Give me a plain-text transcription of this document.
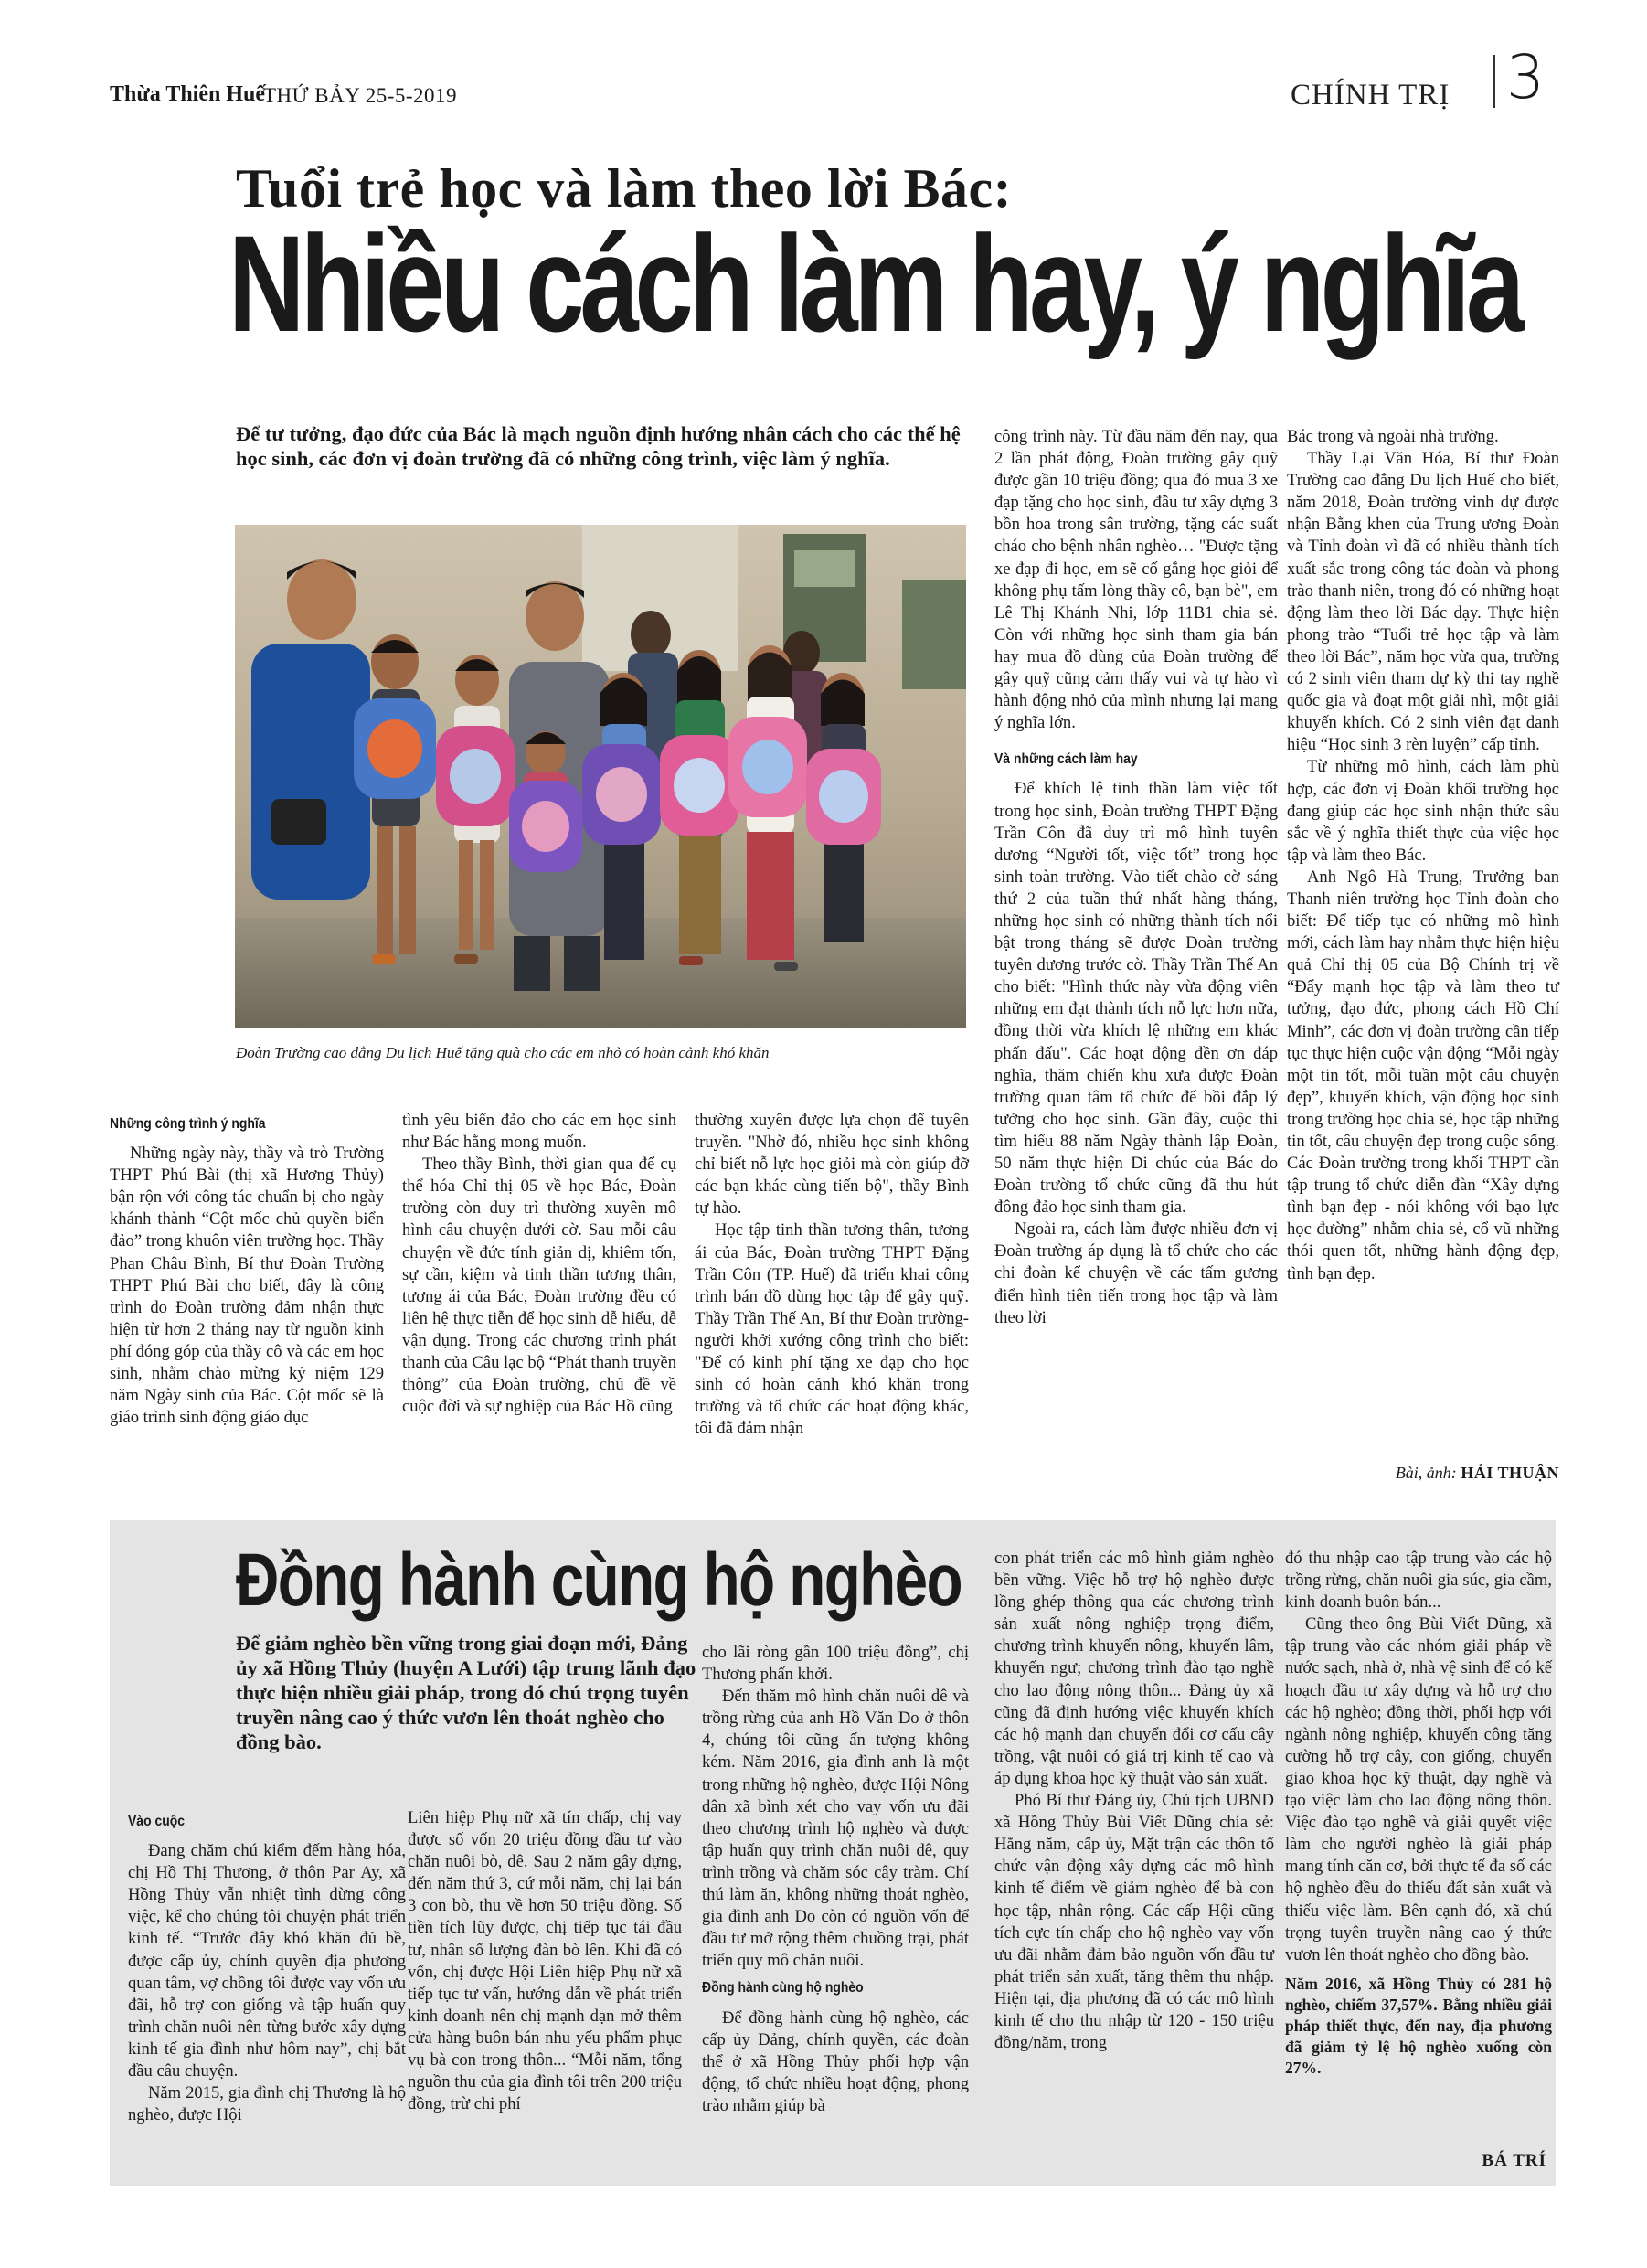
Thừa Thiên Huế
THỨ BẢY 25-5-2019	CHÍNH TRỊ 3
Tuổi trẻ học và làm theo lời Bác:
Nhiều cách làm hay, ý nghĩa
Để tư tưởng, đạo đức của Bác là mạch nguồn định hướng nhân cách cho các thế hệ học sinh, các đơn vị đoàn trường đã có những công trình, việc làm ý nghĩa.
Đoàn Trường cao đẳng Du lịch Huế tặng quà cho các em nhỏ có hoàn cảnh khó khăn
Những công trình ý nghĩa

Những ngày này, thầy và trò Trường THPT Phú Bài (thị xã Hương Thủy) bận rộn với công tác chuẩn bị cho ngày khánh thành “Cột mốc chủ quyền biển đảo” trong khuôn viên trường học. Thầy Phan Châu Bình, Bí thư Đoàn Trường THPT Phú Bài cho biết, đây là công trình do Đoàn trường đảm nhận thực hiện từ hơn 2 tháng nay từ nguồn kinh phí đóng góp của thầy cô và các em học sinh, nhằm chào mừng kỷ niệm 129 năm Ngày sinh của Bác. Cột mốc sẽ là giáo trình sinh động giáo dục

tình yêu biển đảo cho các em học sinh như Bác hằng mong muốn.

Theo thầy Bình, thời gian qua để cụ thể hóa Chỉ thị 05 về học Bác, Đoàn trường còn duy trì thường xuyên mô hình câu chuyện dưới cờ. Sau mỗi câu chuyện về đức tính giản dị, khiêm tốn, sự cần, kiệm và tinh thần tương thân, tương ái của Bác, Đoàn trường đều có liên hệ thực tiễn để học sinh dễ hiểu, dễ vận dụng. Trong các chương trình phát thanh của Câu lạc bộ “Phát thanh truyền thông” của Đoàn trường, chủ đề về cuộc đời và sự nghiệp của Bác Hồ cũng

thường xuyên được lựa chọn để tuyên truyền. "Nhờ đó, nhiều học sinh không chỉ biết nỗ lực học giỏi mà còn giúp đỡ các bạn khác cùng tiến bộ", thầy Bình tự hào.

Học tập tinh thần tương thân, tương ái của Bác, Đoàn trường THPT Đặng Trần Côn (TP. Huế) đã triển khai công trình bán đồ dùng học tập để gây quỹ. Thầy Trần Thế An, Bí thư Đoàn trường- người khởi xướng công trình cho biết: "Để có kinh phí tặng xe đạp cho học sinh có hoàn cảnh khó khăn trong trường và tổ chức các hoạt động khác, tôi đã đảm nhận

công trình này. Từ đầu năm đến nay, qua 2 lần phát động, Đoàn trường gây quỹ được gần 10 triệu đồng; qua đó mua 3 xe đạp tặng cho học sinh, đầu tư xây dựng 3 bồn hoa trong sân trường, tặng các suất cháo cho bệnh nhân nghèo… "Được tặng xe đạp đi học, em sẽ cố gắng học giỏi để không phụ tấm lòng thầy cô, bạn bè", em Lê Thị Khánh Nhi, lớp 11B1 chia sẻ. Còn với những học sinh tham gia bán hay mua đồ dùng của Đoàn trường để gây quỹ cũng cảm thấy vui và tự hào vì hành động nhỏ của mình nhưng lại mang ý nghĩa lớn.

Và những cách làm hay

Để khích lệ tinh thần làm việc tốt trong học sinh, Đoàn trường THPT Đặng Trần Côn đã duy trì mô hình tuyên dương “Người tốt, việc tốt” trong học sinh toàn trường. Vào tiết chào cờ sáng thứ 2 của tuần thứ nhất hàng tháng, những học sinh có những thành tích nổi bật trong tháng sẽ được Đoàn trường tuyên dương trước cờ. Thầy Trần Thế An cho biết: "Hình thức này vừa động viên những em đạt thành tích nỗ lực hơn nữa, đồng thời vừa khích lệ những em khác phấn đấu". Các hoạt động đền ơn đáp nghĩa, thăm chiến khu xưa được Đoàn trường quan tâm tổ chức để bồi đắp lý tưởng cho học sinh. Gần đây, cuộc thi tìm hiểu 88 năm Ngày thành lập Đoàn, 50 năm thực hiện Di chúc của Bác do Đoàn trường tổ chức cũng đã thu hút đông đảo học sinh tham gia.

Ngoài ra, cách làm được nhiều đơn vị Đoàn trường áp dụng là tổ chức cho các chi đoàn kể chuyện về các tấm gương điển hình tiên tiến trong học tập và làm theo lời

Bác trong và ngoài nhà trường.

Thầy Lại Văn Hóa, Bí thư Đoàn Trường cao đẳng Du lịch Huế cho biết, năm 2018, Đoàn trường vinh dự được nhận Bằng khen của Trung ương Đoàn và Tỉnh đoàn vì đã có nhiều thành tích xuất sắc trong công tác đoàn và phong trào thanh niên, trong đó có những hoạt động làm theo lời Bác dạy. Thực hiện phong trào “Tuổi trẻ học tập và làm theo lời Bác”, năm học vừa qua, trường có 2 sinh viên tham dự kỳ thi tay nghề quốc gia và đoạt một giải nhì, một giải khuyến khích. Có 2 sinh viên đạt danh hiệu “Học sinh 3 rèn luyện” cấp tỉnh.

Từ những mô hình, cách làm phù hợp, các đơn vị Đoàn khối trường học đang giúp các học sinh nhận thức sâu sắc về ý nghĩa thiết thực của việc học tập và làm theo Bác.

Anh Ngô Hà Trung, Trưởng ban Thanh niên trường học Tỉnh đoàn cho biết: Để tiếp tục có những mô hình mới, cách làm hay nhằm thực hiện hiệu quả Chỉ thị 05 của Bộ Chính trị về “Đẩy mạnh học tập và làm theo tư tưởng, đạo đức, phong cách Hồ Chí Minh”, các đơn vị đoàn trường cần tiếp tục thực hiện cuộc vận động “Mỗi ngày một tin tốt, mỗi tuần một câu chuyện đẹp”, khuyến khích, vận động học sinh trong trường học chia sẻ, học tập những tin tốt, câu chuyện đẹp trong cuộc sống. Các Đoàn trường trong khối THPT cần tập trung tổ chức diễn đàn “Xây dựng tình bạn đẹp - nói không với bạo lực học đường” nhằm chia sẻ, cổ vũ những thói quen tốt, những hành động đẹp, tình bạn đẹp.

Bài, ảnh: HẢI THUẬN
Đồng hành cùng hộ nghèo
Để giảm nghèo bền vững trong giai đoạn mới, Đảng ủy xã Hồng Thủy (huyện A Lưới) tập trung lãnh đạo thực hiện nhiều giải pháp, trong đó chú trọng tuyên truyền nâng cao ý thức vươn lên thoát nghèo cho đồng bào.
Vào cuộc

Đang chăm chú kiểm đếm hàng hóa, chị Hồ Thị Thương, ở thôn Par Ay, xã Hồng Thủy vẫn nhiệt tình dừng công việc, kể cho chúng tôi chuyện phát triển kinh tế. “Trước đây khó khăn đủ bề, được cấp ủy, chính quyền địa phương quan tâm, vợ chồng tôi được vay vốn ưu đãi, hỗ trợ con giống và tập huấn quy trình chăn nuôi nên từng bước xây dựng kinh tế gia đình như hôm nay”, chị bắt đầu câu chuyện.

Năm 2015, gia đình chị Thương là hộ nghèo, được Hội

Liên hiệp Phụ nữ xã tín chấp, chị vay được số vốn 20 triệu đồng đầu tư vào chăn nuôi bò, dê. Sau 2 năm gây dựng, đến năm thứ 3, cứ mỗi năm, chị lại bán 3 con bò, thu về hơn 50 triệu đồng. Số tiền tích lũy được, chị tiếp tục tái đầu tư, nhân số lượng đàn bò lên. Khi đã có vốn, chị được Hội Liên hiệp Phụ nữ xã tiếp tục tư vấn, hướng dẫn về phát triển kinh doanh nên chị mạnh dạn mở thêm cửa hàng buôn bán nhu yếu phẩm phục vụ bà con trong thôn... “Mỗi năm, tổng nguồn thu của gia đình tôi trên 200 triệu đồng, trừ chi phí

cho lãi ròng gần 100 triệu đồng”, chị Thương phấn khởi.

Đến thăm mô hình chăn nuôi dê và trồng rừng của anh Hồ Văn Do ở thôn 4, chúng tôi cũng ấn tượng không kém. Năm 2016, gia đình anh là một trong những hộ nghèo, được Hội Nông dân xã bình xét cho vay vốn ưu đãi theo chương trình hộ nghèo và được tập huấn quy trình chăn nuôi dê, quy trình trồng và chăm sóc cây tràm. Chí thú làm ăn, không những thoát nghèo, gia đình anh Do còn có nguồn vốn để đầu tư mở rộng thêm chuồng trại, phát triển quy mô chăn nuôi.

Đồng hành cùng hộ nghèo

Để đồng hành cùng hộ nghèo, các cấp ủy Đảng, chính quyền, các đoàn thể ở xã Hồng Thủy phối hợp vận động, tổ chức nhiều hoạt động, phong trào nhằm giúp bà

con phát triển các mô hình giảm nghèo bền vững. Việc hỗ trợ hộ nghèo được lồng ghép thông qua các chương trình sản xuất nông nghiệp trọng điểm, chương trình khuyến nông, khuyến lâm, khuyến ngư; chương trình đào tạo nghề cho lao động nông thôn... Đảng ủy xã cũng đã định hướng việc khuyến khích các hộ mạnh dạn chuyển đổi cơ cấu cây trồng, vật nuôi có giá trị kinh tế cao và áp dụng khoa học kỹ thuật vào sản xuất.

Phó Bí thư Đảng ủy, Chủ tịch UBND xã Hồng Thủy Bùi Viết Dũng chia sẻ: Hằng năm, cấp ủy, Mặt trận các thôn tổ chức vận động xây dựng các mô hình kinh tế điểm về giảm nghèo để bà con học tập, nhân rộng. Các cấp Hội cũng tích cực tín chấp cho hộ nghèo vay vốn ưu đãi nhằm đảm bảo nguồn vốn đầu tư phát triển sản xuất, tăng thêm thu nhập. Hiện tại, địa phương đã có các mô hình kinh tế cho thu nhập từ 120 - 150 triệu đồng/năm, trong

đó thu nhập cao tập trung vào các hộ trồng rừng, chăn nuôi gia súc, gia cầm, kinh doanh buôn bán...

Cũng theo ông Bùi Viết Dũng, xã tập trung vào các nhóm giải pháp về nước sạch, nhà ở, nhà vệ sinh để có kế hoạch đầu tư xây dựng và hỗ trợ cho các hộ nghèo; đồng thời, phối hợp với ngành nông nghiệp, khuyến công tăng cường hỗ trợ cây, con giống, chuyển giao khoa học kỹ thuật, dạy nghề và tạo việc làm cho lao động nông thôn. Việc đào tạo nghề và giải quyết việc làm cho người nghèo là giải pháp mang tính căn cơ, bởi thực tế đa số các hộ nghèo đều do thiếu đất sản xuất và thiếu việc làm. Bên cạnh đó, xã chú trọng tuyên truyền nâng cao ý thức vươn lên thoát nghèo cho đồng bào.

Năm 2016, xã Hồng Thủy có 281 hộ nghèo, chiếm 37,57%. Bằng nhiều giải pháp thiết thực, đến nay, địa phương đã giảm tỷ lệ hộ nghèo xuống còn 27%.
BÁ TRÍ
